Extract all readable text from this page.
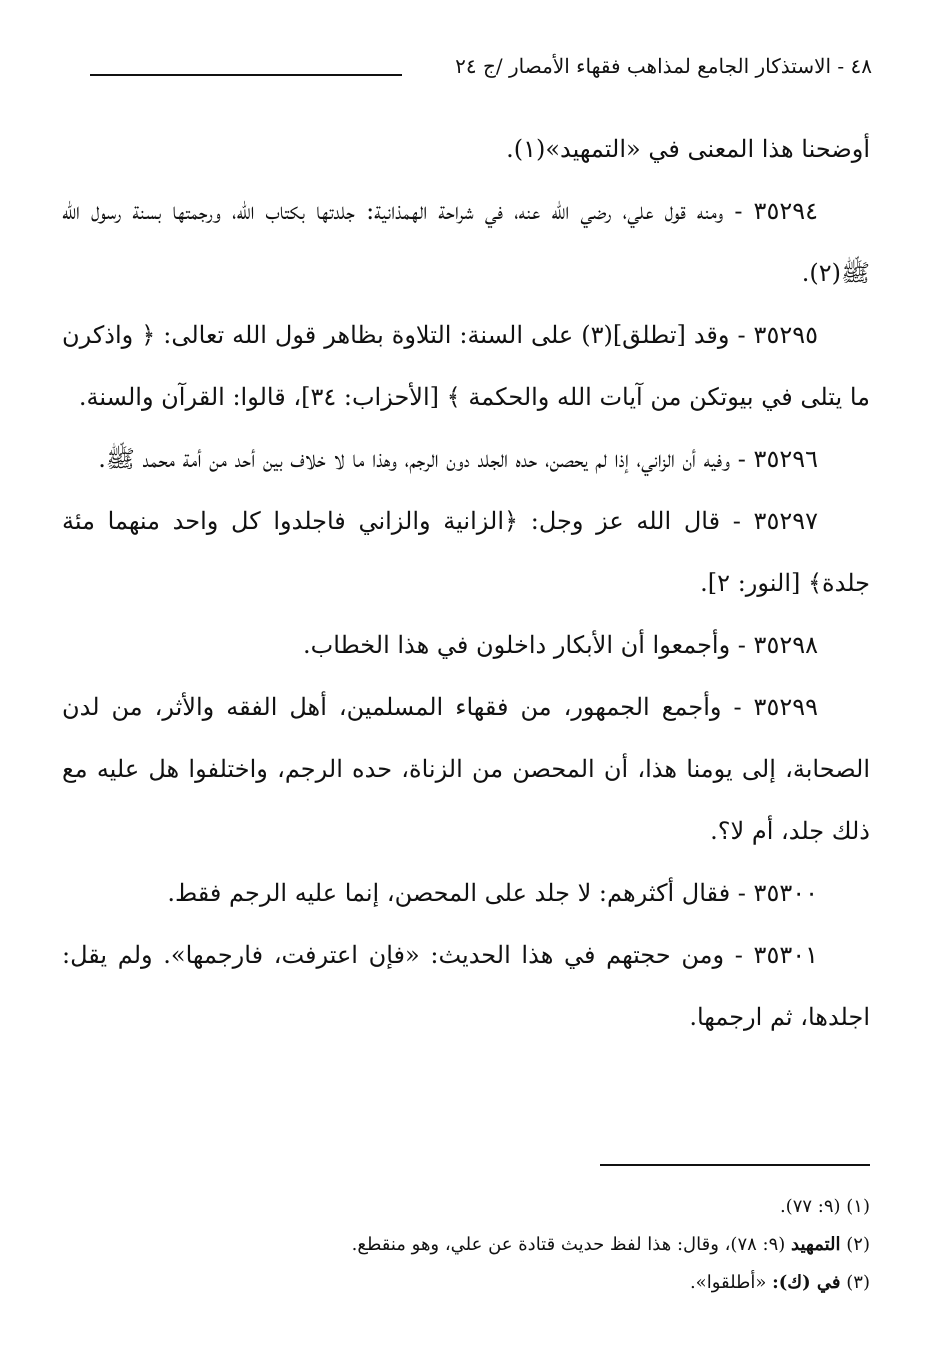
٤٨ - الاستذكار الجامع لمذاهب فقهاء الأمصار /ج ٢٤

أوضحنا هذا المعنى في «التمهيد»(١).

٣٥٢٩٤ - ومنه قول علي، رضي الله عنه، في شراحة الهمذانية: جلدتها بكتاب الله، ورجمتها بسنة رسول الله ﷺ(٢).

٣٥٢٩٥ - وقد [تطلق](٣) على السنة: التلاوة بظاهر قول الله تعالى: ﴿ واذكرن ما يتلى في بيوتكن من آيات الله والحكمة ﴾ [الأحزاب: ٣٤]، قالوا: القرآن والسنة.

٣٥٢٩٦ - وفيه أن الزاني، إذا لم يحصن، حده الجلد دون الرجم، وهذا ما لا خلاف بين أحد من أمة محمد ﷺ.

٣٥٢٩٧ - قال الله عز وجل: ﴿الزانية والزاني فاجلدوا كل واحد منهما مئة جلدة﴾ [النور: ٢].

٣٥٢٩٨ - وأجمعوا أن الأبكار داخلون في هذا الخطاب.

٣٥٢٩٩ - وأجمع الجمهور، من فقهاء المسلمين، أهل الفقه والأثر، من لدن الصحابة، إلى يومنا هذا، أن المحصن من الزناة، حده الرجم، واختلفوا هل عليه مع ذلك جلد، أم لا؟.

٣٥٣٠٠ - فقال أكثرهم: لا جلد على المحصن، إنما عليه الرجم فقط.

٣٥٣٠١ - ومن حجتهم في هذا الحديث: «فإن اعترفت، فارجمها». ولم يقل: اجلدها، ثم ارجمها.

(١) (٩: ٧٧).

(٢) التمهيد (٩: ٧٨)، وقال: هذا لفظ حديث قتادة عن علي، وهو منقطع.

(٣) في (ك): «أطلقوا».
